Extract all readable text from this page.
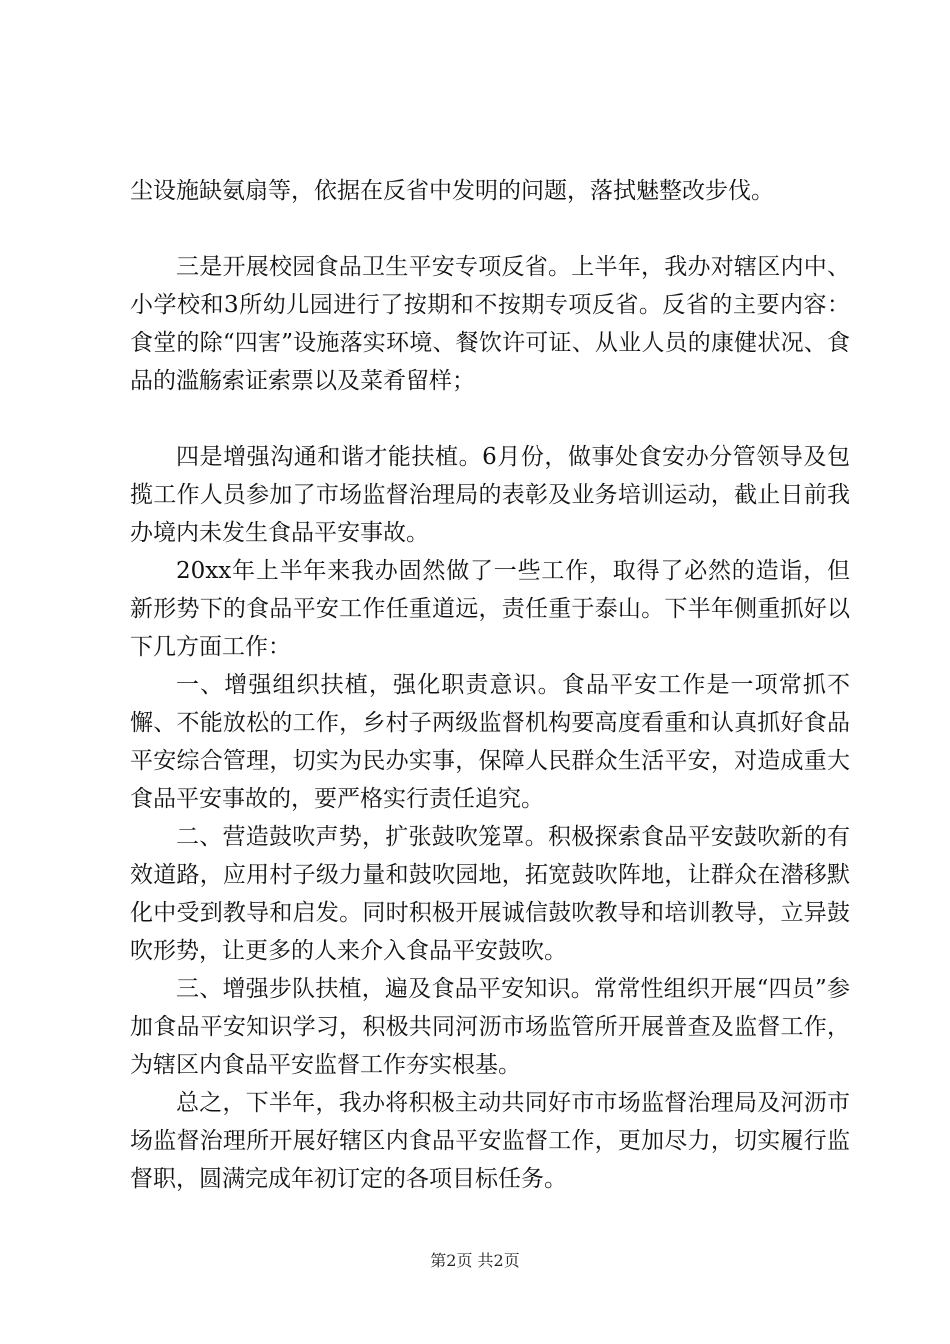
尘设施缺氨扇等，依据在反省中发明的问题，落拭魅整改步伐。

三是开展校园食品卫生平安专项反省。上半年，我办对辖区内中、小学校和3所幼儿园进行了按期和不按期专项反省。反省的主要内容：食堂的除“四害”设施落实环境、餐饮许可证、从业人员的康健状况、食品的滥觞索证索票以及菜肴留样；

四是增强沟通和谐才能扶植。6月份，做事处食安办分管领导及包揽工作人员参加了市场监督治理局的表彰及业务培训运动，截止日前我办境内未发生食品平安事故。

20xx年上半年来我办固然做了一些工作，取得了必然的造诣，但新形势下的食品平安工作任重道远，责任重于泰山。下半年侧重抓好以下几方面工作：

一、增强组织扶植，强化职责意识。食品平安工作是一项常抓不懈、不能放松的工作，乡村子两级监督机构要高度看重和认真抓好食品平安综合管理，切实为民办实事，保障人民群众生活平安，对造成重大食品平安事故的，要严格实行责任追究。

二、营造鼓吹声势，扩张鼓吹笼罩。积极探索食品平安鼓吹新的有效道路，应用村子级力量和鼓吹园地，拓宽鼓吹阵地，让群众在潜移默化中受到教导和启发。同时积极开展诚信鼓吹教导和培训教导，立异鼓吹形势，让更多的人来介入食品平安鼓吹。

三、增强步队扶植，遍及食品平安知识。常常性组织开展“四员”参加食品平安知识学习，积极共同河沥市场监管所开展普查及监督工作，为辖区内食品平安监督工作夯实根基。

总之，下半年，我办将积极主动共同好市市场监督治理局及河沥市场监督治理所开展好辖区内食品平安监督工作，更加尽力，切实履行监督职，圆满完成年初订定的各项目标任务。

第2页 共2页
